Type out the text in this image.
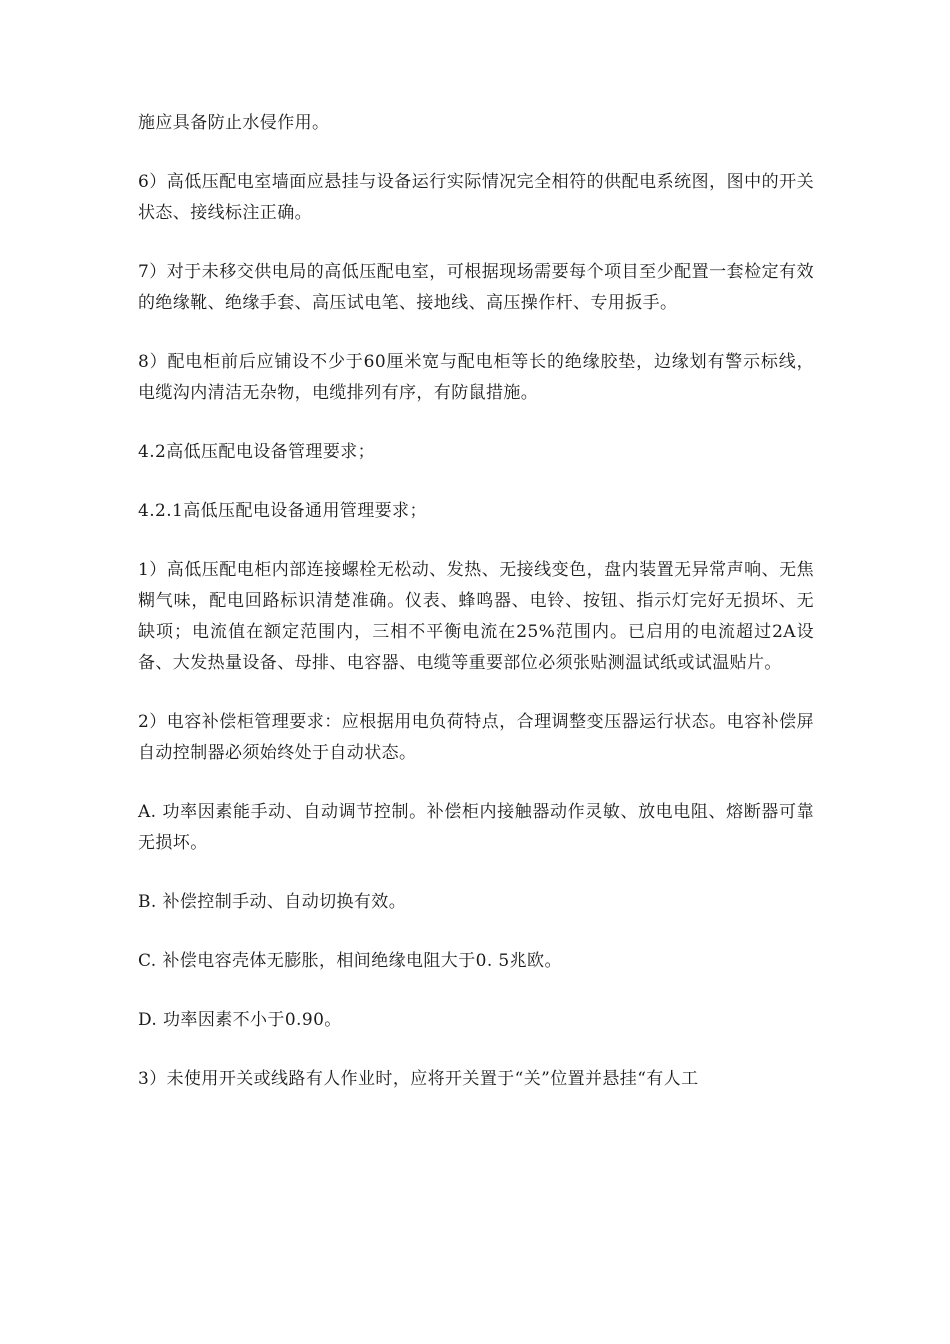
施应具备防止水侵作用。

6）高低压配电室墙面应悬挂与设备运行实际情况完全相符的供配电系统图，图中的开关状态、接线标注正确。

7）对于未移交供电局的高低压配电室，可根据现场需要每个项目至少配置一套检定有效的绝缘靴、绝缘手套、高压试电笔、接地线、高压操作杆、专用扳手。

8）配电柜前后应铺设不少于60厘米宽与配电柜等长的绝缘胶垫，边缘划有警示标线，电缆沟内清洁无杂物，电缆排列有序，有防鼠措施。

4.2高低压配电设备管理要求；

4.2.1高低压配电设备通用管理要求；

1）高低压配电柜内部连接螺栓无松动、发热、无接线变色，盘内装置无异常声响、无焦糊气味，配电回路标识清楚准确。仪表、蜂鸣器、电铃、按钮、指示灯完好无损坏、无缺项；电流值在额定范围内，三相不平衡电流在25%范围内。已启用的电流超过2A设备、大发热量设备、母排、电容器、电缆等重要部位必须张贴测温试纸或试温贴片。

2）电容补偿柜管理要求：应根据用电负荷特点，合理调整变压器运行状态。电容补偿屏自动控制器必须始终处于自动状态。

A. 功率因素能手动、自动调节控制。补偿柜内接触器动作灵敏、放电电阻、熔断器可靠无损坏。

B. 补偿控制手动、自动切换有效。

C. 补偿电容壳体无膨胀，相间绝缘电阻大于0. 5兆欧。

D. 功率因素不小于0.90。

3）未使用开关或线路有人作业时，应将开关置于“关”位置并悬挂“有人工
